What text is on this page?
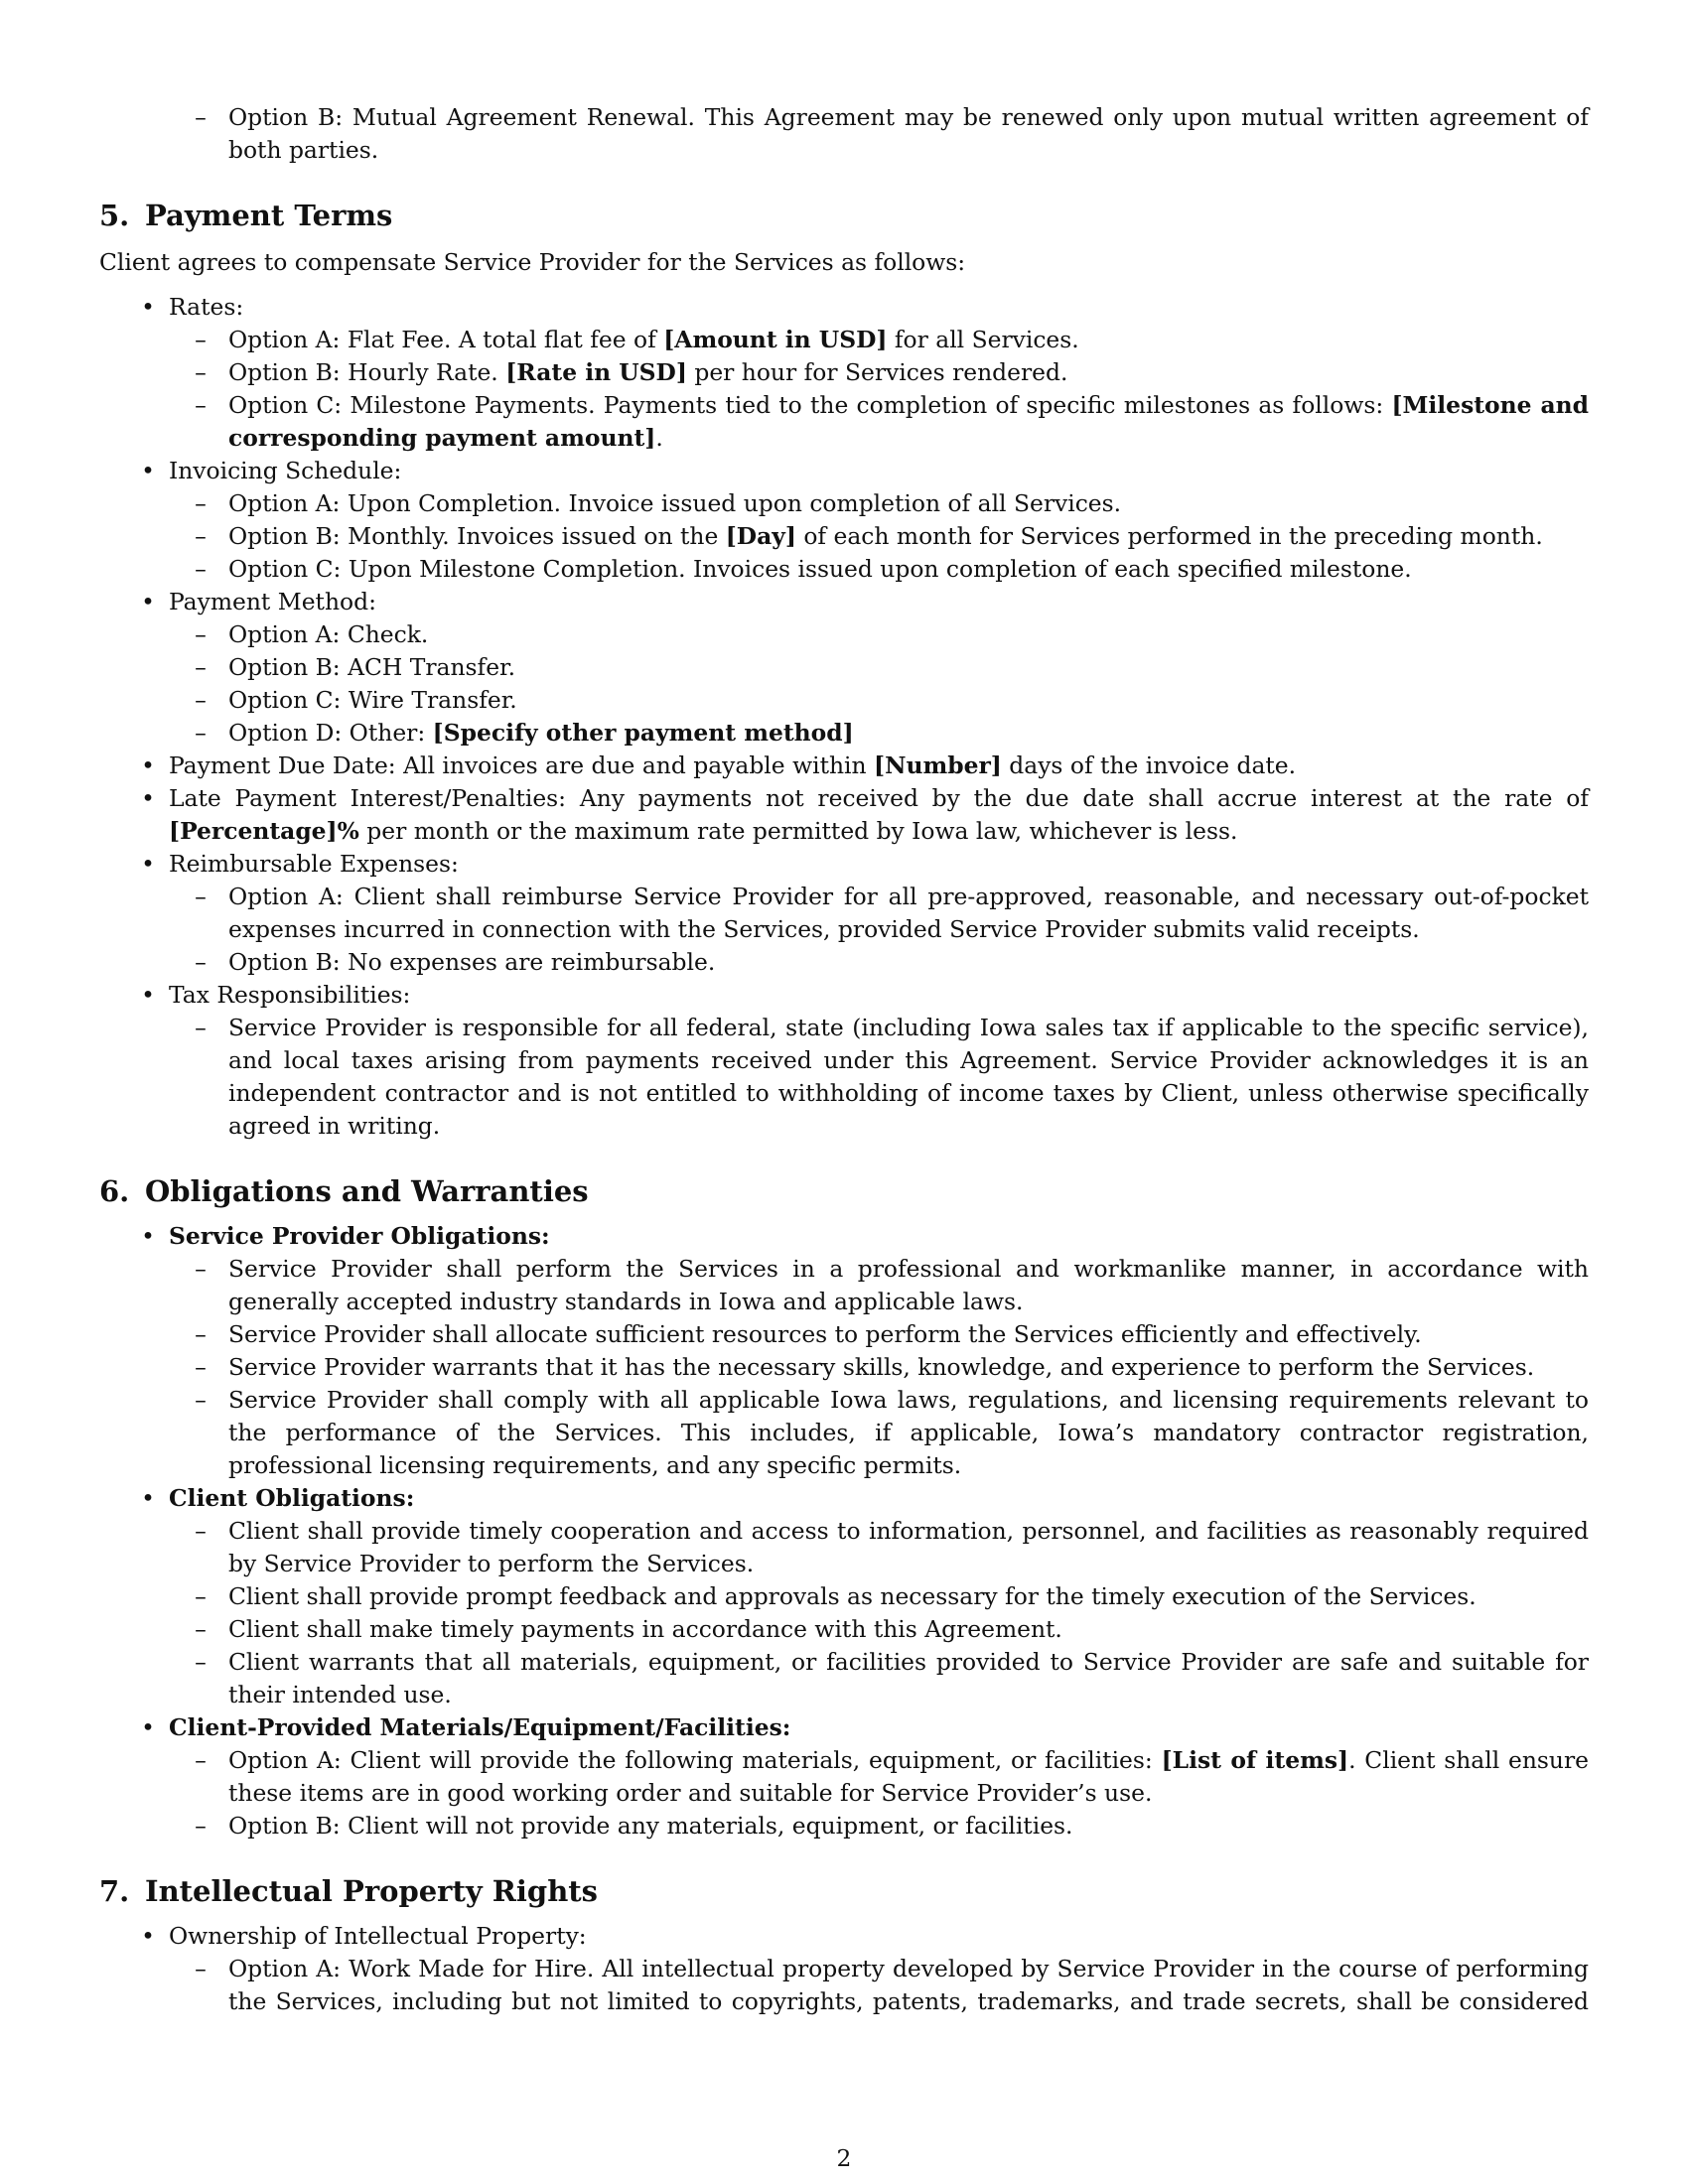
– Option B: Mutual Agreement Renewal. This Agreement may be renewed only upon mutual written agreement of both parties.
5. Payment Terms

Client agrees to compensate Service Provider for the Services as follows:

• Rates:
– Option A: Flat Fee. A total flat fee of [Amount in USD] for all Services.
– Option B: Hourly Rate. [Rate in USD] per hour for Services rendered.
– Option C: Milestone Payments. Payments tied to the completion of specific milestones as follows: [Milestone and corresponding payment amount].
• Invoicing Schedule:
– Option A: Upon Completion. Invoice issued upon completion of all Services.
– Option B: Monthly. Invoices issued on the [Day] of each month for Services performed in the preceding month.
– Option C: Upon Milestone Completion. Invoices issued upon completion of each specified milestone.
• Payment Method:
– Option A: Check.
– Option B: ACH Transfer.
– Option C: Wire Transfer.
– Option D: Other: [Specify other payment method]
• Payment Due Date: All invoices are due and payable within [Number] days of the invoice date.
• Late Payment Interest/Penalties: Any payments not received by the due date shall accrue interest at the rate of [Percentage]% per month or the maximum rate permitted by Iowa law, whichever is less.
• Reimbursable Expenses:
– Option A: Client shall reimburse Service Provider for all pre-approved, reasonable, and necessary out-of-pocket expenses incurred in connection with the Services, provided Service Provider submits valid receipts.
– Option B: No expenses are reimbursable.
• Tax Responsibilities:
– Service Provider is responsible for all federal, state (including Iowa sales tax if applicable to the specific service), and local taxes arising from payments received under this Agreement. Service Provider acknowledges it is an independent contractor and is not entitled to withholding of income taxes by Client, unless otherwise specifically agreed in writing.
6. Obligations and Warranties
• Service Provider Obligations:
– Service Provider shall perform the Services in a professional and workmanlike manner, in accordance with generally accepted industry standards in Iowa and applicable laws.
– Service Provider shall allocate sufficient resources to perform the Services efficiently and effectively.
– Service Provider warrants that it has the necessary skills, knowledge, and experience to perform the Services.
– Service Provider shall comply with all applicable Iowa laws, regulations, and licensing requirements relevant to the performance of the Services. This includes, if applicable, Iowa’s mandatory contractor registration, professional licensing requirements, and any specific permits.
• Client Obligations:
– Client shall provide timely cooperation and access to information, personnel, and facilities as reasonably required by Service Provider to perform the Services.
– Client shall provide prompt feedback and approvals as necessary for the timely execution of the Services.
– Client shall make timely payments in accordance with this Agreement.
– Client warrants that all materials, equipment, or facilities provided to Service Provider are safe and suitable for their intended use.
• Client-Provided Materials/Equipment/Facilities:
– Option A: Client will provide the following materials, equipment, or facilities: [List of items]. Client shall ensure these items are in good working order and suitable for Service Provider’s use.
– Option B: Client will not provide any materials, equipment, or facilities.
7. Intellectual Property Rights
• Ownership of Intellectual Property:
– Option A: Work Made for Hire. All intellectual property developed by Service Provider in the course of performing the Services, including but not limited to copyrights, patents, trademarks, and trade secrets, shall be considered
2
